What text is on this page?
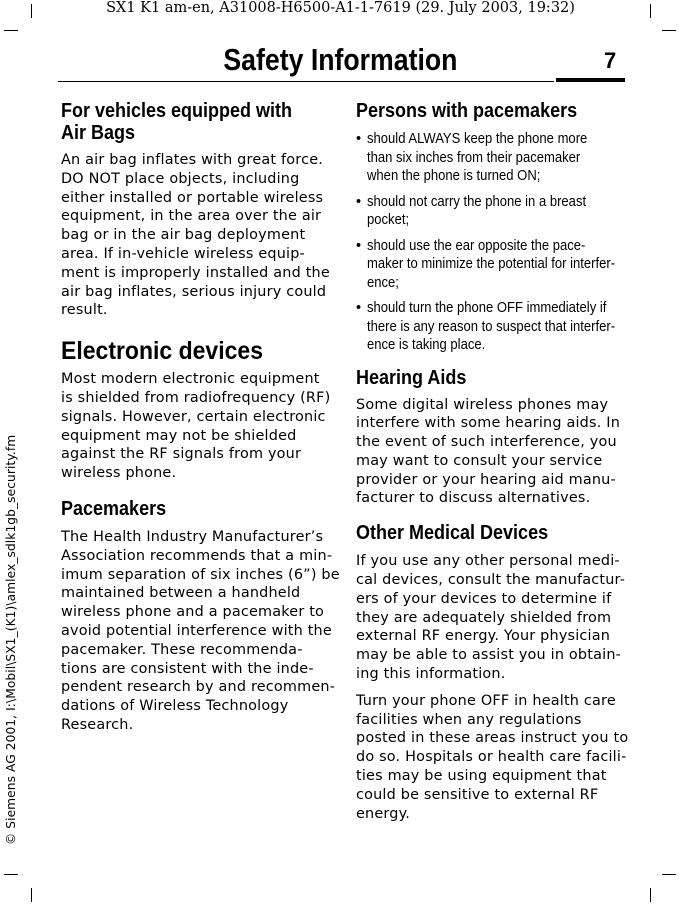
SX1 K1 am-en, A31008-H6500-A1-1-7619 (29. July 2003, 19:32)
Safety Information	7
© Siemens AG 2001, I:\Mobil\SX1_(K1)\amlex_sdlk1gb_security.fm
For vehicles equipped with
Air Bags

An air bag inflates with great force.
DO NOT place objects, including
either installed or portable wireless
equipment, in the area over the air
bag or in the air bag deployment
area. If in-vehicle wireless equip-
ment is improperly installed and the
air bag inflates, serious injury could
result.

Electronic devices

Most modern electronic equipment
is shielded from radiofrequency (RF)
signals. However, certain electronic
equipment may not be shielded
against the RF signals from your
wireless phone.

Pacemakers

The Health Industry Manufacturer’s
Association recommends that a min-
imum separation of six inches (6”) be
maintained between a handheld
wireless phone and a pacemaker to
avoid potential interference with the
pacemaker. These recommenda-
tions are consistent with the inde-
pendent research by and recommen-
dations of Wireless Technology
Research.

Persons with pacemakers
• should ALWAYS keep the phone more
than six inches from their pacemaker
when the phone is turned ON;
• should not carry the phone in a breast
pocket;
• should use the ear opposite the pace-
maker to minimize the potential for interfer-
ence;
• should turn the phone OFF immediately if
there is any reason to suspect that interfer-
ence is taking place.
Hearing Aids

Some digital wireless phones may
interfere with some hearing aids. In
the event of such interference, you
may want to consult your service
provider or your hearing aid manu-
facturer to discuss alternatives.

Other Medical Devices

If you use any other personal medi-
cal devices, consult the manufactur-
ers of your devices to determine if
they are adequately shielded from
external RF energy. Your physician
may be able to assist you in obtain-
ing this information.

Turn your phone OFF in health care
facilities when any regulations
posted in these areas instruct you to
do so. Hospitals or health care facili-
ties may be using equipment that
could be sensitive to external RF
energy.
